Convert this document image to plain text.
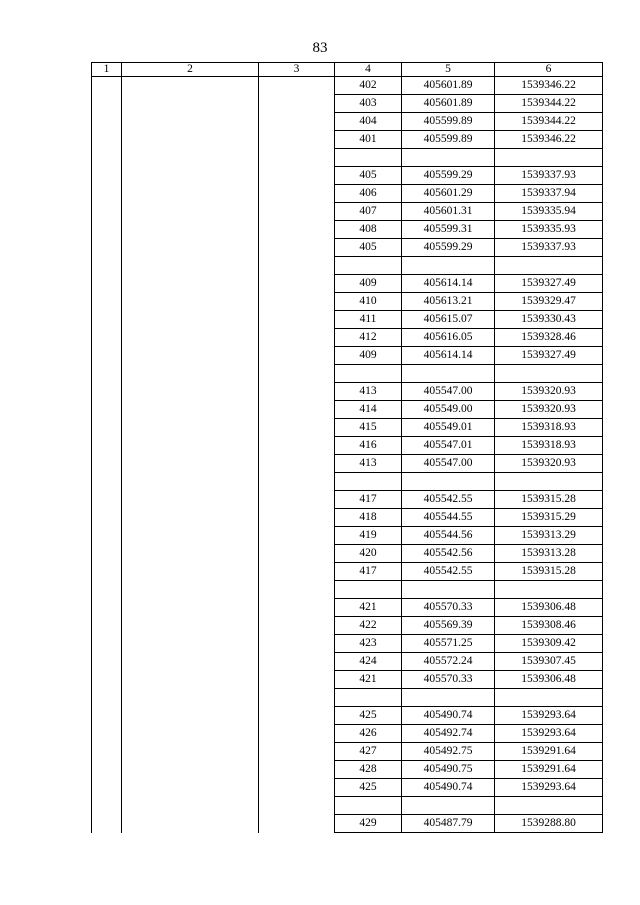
83
1	2	3	4	5	6
			402	405601.89	1539346.22
			403	405601.89	1539344.22
			404	405599.89	1539344.22
			401	405599.89	1539346.22

			405	405599.29	1539337.93
			406	405601.29	1539337.94
			407	405601.31	1539335.94
			408	405599.31	1539335.93
			405	405599.29	1539337.93

			409	405614.14	1539327.49
			410	405613.21	1539329.47
			411	405615.07	1539330.43
			412	405616.05	1539328.46
			409	405614.14	1539327.49

			413	405547.00	1539320.93
			414	405549.00	1539320.93
			415	405549.01	1539318.93
			416	405547.01	1539318.93
			413	405547.00	1539320.93

			417	405542.55	1539315.28
			418	405544.55	1539315.29
			419	405544.56	1539313.29
			420	405542.56	1539313.28
			417	405542.55	1539315.28

			421	405570.33	1539306.48
			422	405569.39	1539308.46
			423	405571.25	1539309.42
			424	405572.24	1539307.45
			421	405570.33	1539306.48

			425	405490.74	1539293.64
			426	405492.74	1539293.64
			427	405492.75	1539291.64
			428	405490.75	1539291.64
			425	405490.74	1539293.64

			429	405487.79	1539288.80
